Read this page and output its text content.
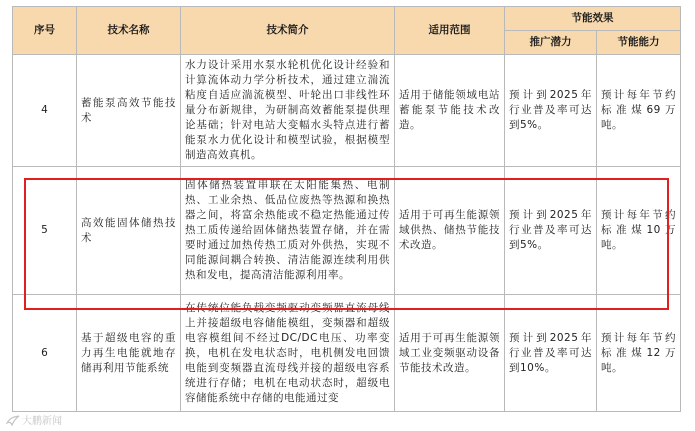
序号	技术名称	技术简介	适用范围	节能效果	
				推广潜力	节能能力
4	蓄能泵高效节能技术	水力设计采用水泵水轮机优化设计经验和计算流体动力学分析技术，通过建立湍流粘度自适应湍流模型、叶轮出口非线性环量分布新规律，为研制高效蓄能泵提供理论基础；针对电站大变幅水头特点进行蓄能泵水力优化设计和模型试验，根据模型制造高效真机。	适用于储能领域电站蓄能泵节能技术改造。	预计到2025年行业普及率可达到5%。	预计每年节约标准煤69万吨。
5	高效能固体储热技术	固体储热装置串联在太阳能集热、电制热、工业余热、低品位废热等热源和换热器之间，将富余热能或不稳定热能通过传热工质传递给固体储热装置存储，并在需要时通过加热传热工质对外供热，实现不同能源间耦合转换、清洁能源连续利用供热和发电，提高清洁能源利用率。	适用于可再生能源领域供热、储热节能技术改造。	预计到2025年行业普及率可达到5%。	预计每年节约标准煤10万吨。
6	基于超级电容的重力再生电能就地存储再利用节能系统	在传统位能负载变频驱动变频器直流母线上并接超级电容储能模组，变频器和超级电容模组间不经过DC/DC电压、功率变换，电机在发电状态时，电机侧发电回馈电能到变频器直流母线并接的超级电容系统进行存储；电机在电动状态时，超级电容储能系统中存储的电能通过变	适用于可再生能源领域工业变频驱动设备节能技术改造。	预计到2025年行业普及率可达到10%。	预计每年节约标准煤12万吨。
大鹏新闻
